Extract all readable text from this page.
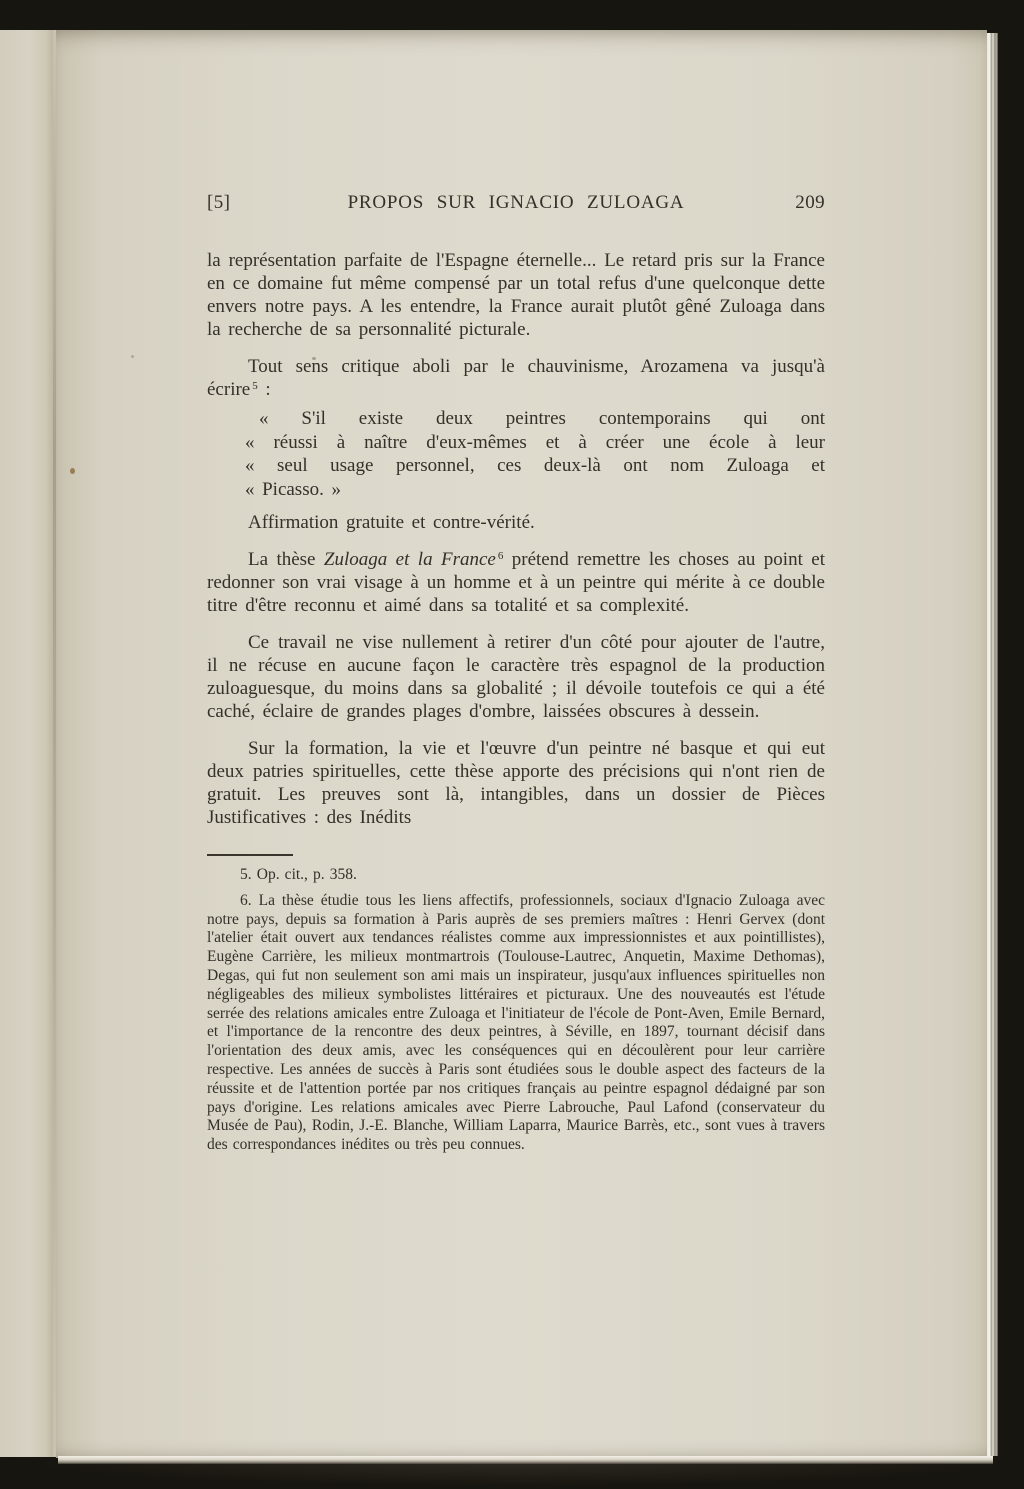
[5]	PROPOS SUR IGNACIO ZULOAGA	209

la représentation parfaite de l'Espagne éternelle... Le retard pris sur la France en ce domaine fut même compensé par un total refus d'une quelconque dette envers notre pays. A les entendre, la France aurait plutôt gêné Zuloaga dans la recherche de sa personnalité picturale.

Tout sens critique aboli par le chauvinisme, Arozamena va jusqu'à écrire $^5$ :

« S'il existe deux peintres contemporains qui ont
« réussi à naître d'eux-mêmes et à créer une école à leur
« seul usage personnel, ces deux-là ont nom Zuloaga et
« Picasso. »

Affirmation gratuite et contre-vérité.

La thèse Zuloaga et la France $^6$ prétend remettre les choses au point et redonner son vrai visage à un homme et à un peintre qui mérite à ce double titre d'être reconnu et aimé dans sa totalité et sa complexité.

Ce travail ne vise nullement à retirer d'un côté pour ajouter de l'autre, il ne récuse en aucune façon le caractère très espagnol de la production zuloaguesque, du moins dans sa globalité ; il dévoile toutefois ce qui a été caché, éclaire de grandes plages d'ombre, laissées obscures à dessein.

Sur la formation, la vie et l'œuvre d'un peintre né basque et qui eut deux patries spirituelles, cette thèse apporte des précisions qui n'ont rien de gratuit. Les preuves sont là, intangibles, dans un dossier de Pièces Justificatives : des Inédits

5. Op. cit., p. 358.

6. La thèse étudie tous les liens affectifs, professionnels, sociaux d'Ignacio Zuloaga avec notre pays, depuis sa formation à Paris auprès de ses premiers maîtres : Henri Gervex (dont l'atelier était ouvert aux tendances réalistes comme aux impressionnistes et aux pointillistes), Eugène Carrière, les milieux montmartrois (Toulouse-Lautrec, Anquetin, Maxime Dethomas), Degas, qui fut non seulement son ami mais un inspirateur, jusqu'aux influences spirituelles non négligeables des milieux symbolistes littéraires et picturaux. Une des nouveautés est l'étude serrée des relations amicales entre Zuloaga et l'initiateur de l'école de Pont-Aven, Emile Bernard, et l'importance de la rencontre des deux peintres, à Séville, en 1897, tournant décisif dans l'orientation des deux amis, avec les conséquences qui en découlèrent pour leur carrière respective. Les années de succès à Paris sont étudiées sous le double aspect des facteurs de la réussite et de l'attention portée par nos critiques français au peintre espagnol dédaigné par son pays d'origine. Les relations amicales avec Pierre Labrouche, Paul Lafond (conservateur du Musée de Pau), Rodin, J.-E. Blanche, William Laparra, Maurice Barrès, etc., sont vues à travers des correspondances inédites ou très peu connues.
